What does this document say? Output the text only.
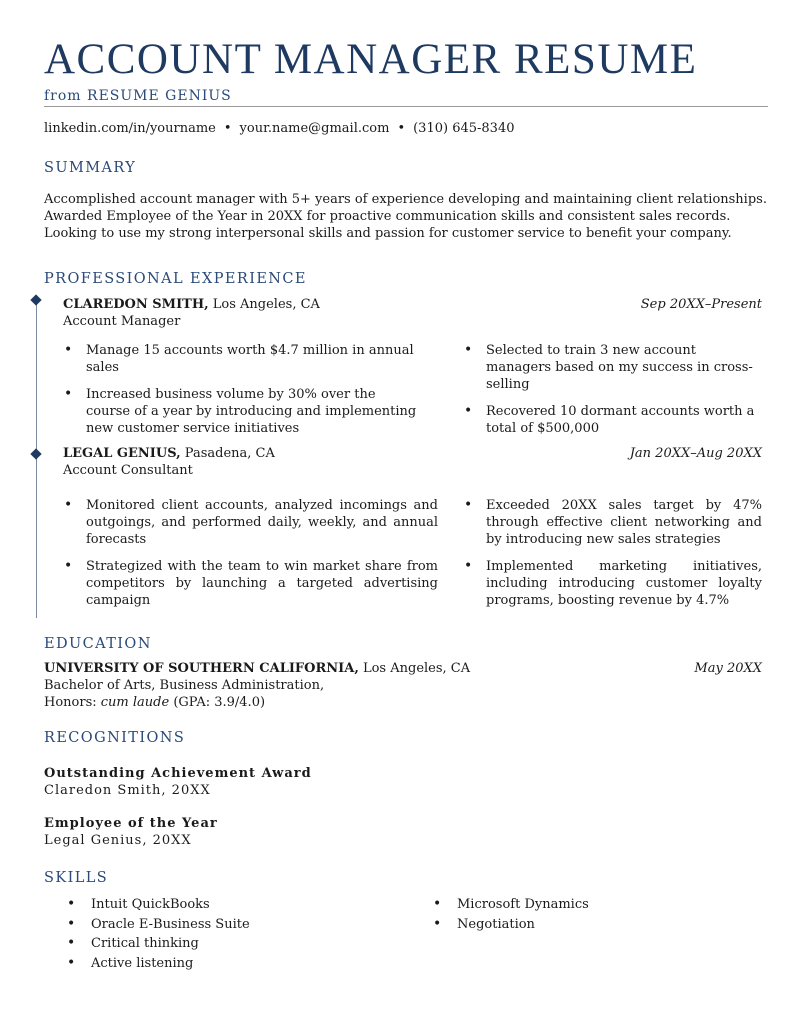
ACCOUNT MANAGER RESUME
from RESUME GENIUS
linkedin.com/in/yourname • your.name@gmail.com • (310) 645-8340
SUMMARY
Accomplished account manager with 5+ years of experience developing and maintaining client relationships. Awarded Employee of the Year in 20XX for proactive communication skills and consistent sales records. Looking to use my strong interpersonal skills and passion for customer service to benefit your company.
PROFESSIONAL EXPERIENCE
CLAREDON SMITH, Los Angeles, CA	Sep 20XX–Present
Account Manager
• Manage 15 accounts worth $4.7 million in annual sales
• Increased business volume by 30% over the course of a year by introducing and implementing new customer service initiatives
• Selected to train 3 new account managers based on my success in cross-selling
• Recovered 10 dormant accounts worth a total of $500,000
LEGAL GENIUS, Pasadena, CA	Jan 20XX–Aug 20XX
Account Consultant
• Monitored client accounts, analyzed incomings and outgoings, and performed daily, weekly, and annual forecasts
• Strategized with the team to win market share from competitors by launching a targeted advertising campaign
• Exceeded 20XX sales target by 47% through effective client networking and by introducing new sales strategies
• Implemented marketing initiatives, including introducing customer loyalty programs, boosting revenue by 4.7%
EDUCATION
UNIVERSITY OF SOUTHERN CALIFORNIA, Los Angeles, CA	May 20XX
Bachelor of Arts, Business Administration,
Honors: cum laude (GPA: 3.9/4.0)
RECOGNITIONS
Outstanding Achievement Award
Claredon Smith, 20XX
Employee of the Year
Legal Genius, 20XX
SKILLS
• Intuit QuickBooks
• Oracle E-Business Suite
• Critical thinking
• Active listening
• Microsoft Dynamics
• Negotiation
